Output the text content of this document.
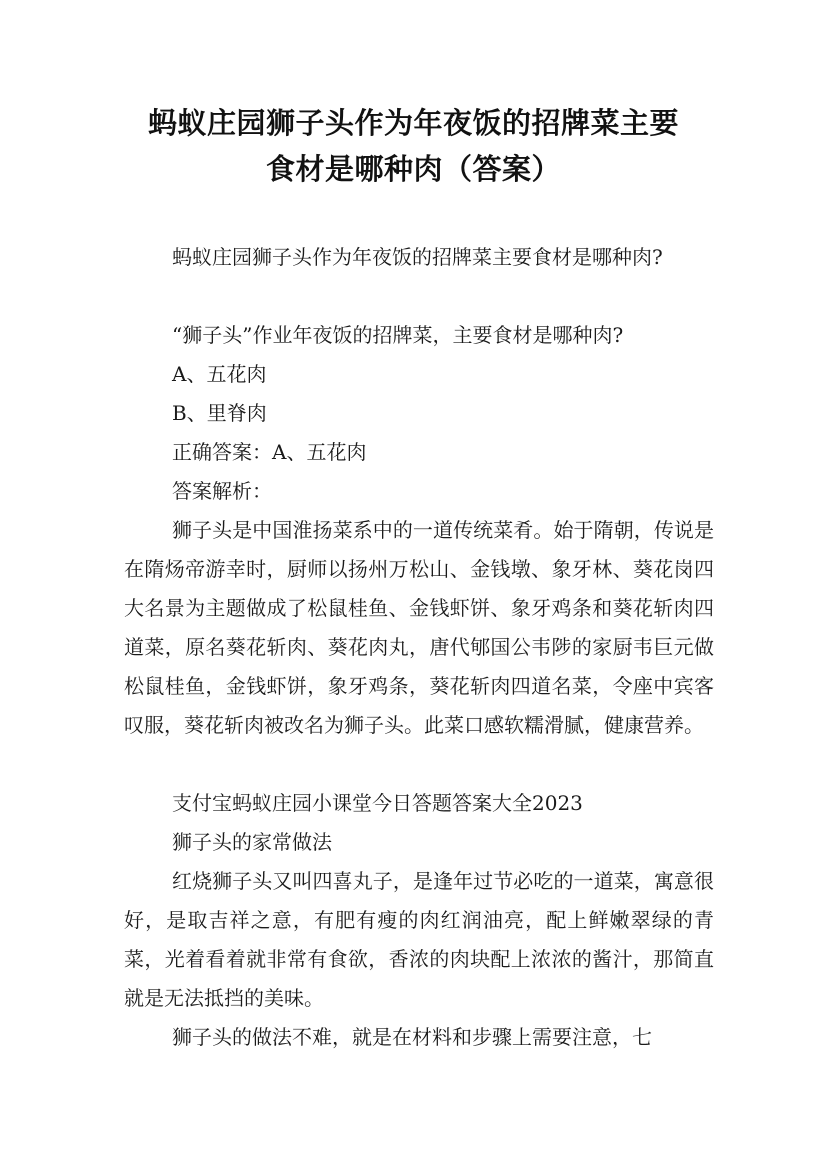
蚂蚁庄园狮子头作为年夜饭的招牌菜主要
食材是哪种肉（答案）
蚂蚁庄园狮子头作为年夜饭的招牌菜主要食材是哪种肉?
“狮子头”作业年夜饭的招牌菜，主要食材是哪种肉?
A、五花肉
B、里脊肉
正确答案：A、五花肉
答案解析：
狮子头是中国淮扬菜系中的一道传统菜肴。始于隋朝，传说是在隋炀帝游幸时，厨师以扬州万松山、金钱墩、象牙林、葵花岗四大名景为主题做成了松鼠桂鱼、金钱虾饼、象牙鸡条和葵花斩肉四道菜，原名葵花斩肉、葵花肉丸，唐代郇国公韦陟的家厨韦巨元做松鼠桂鱼，金钱虾饼，象牙鸡条，葵花斩肉四道名菜，令座中宾客叹服，葵花斩肉被改名为狮子头。此菜口感软糯滑腻，健康营养。
支付宝蚂蚁庄园小课堂今日答题答案大全2023
狮子头的家常做法
红烧狮子头又叫四喜丸子，是逢年过节必吃的一道菜，寓意很好，是取吉祥之意，有肥有瘦的肉红润油亮，配上鲜嫩翠绿的青菜，光着看着就非常有食欲，香浓的肉块配上浓浓的酱汁，那简直就是无法抵挡的美味。
狮子头的做法不难，就是在材料和步骤上需要注意，七
